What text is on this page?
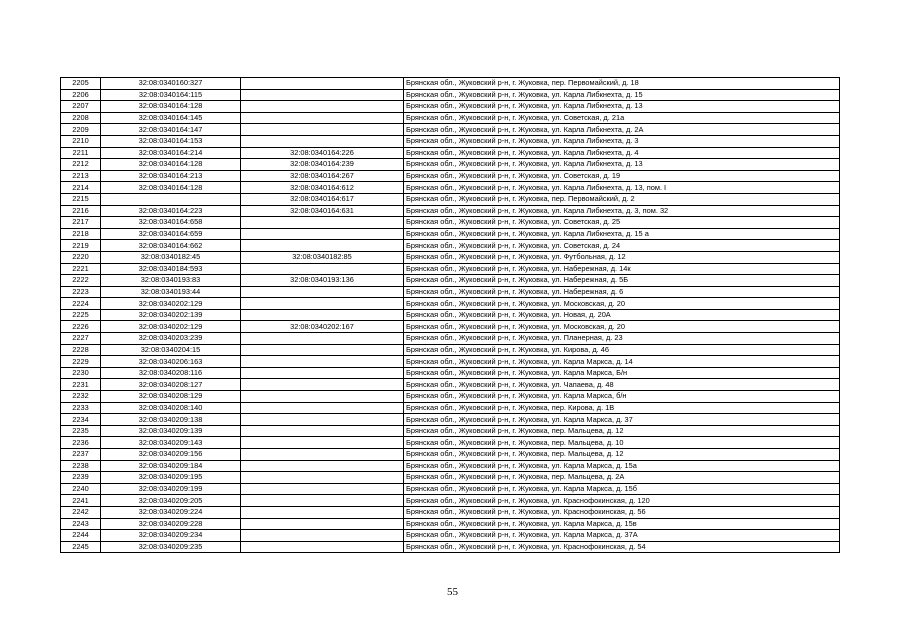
2205	32:08:0340160:327		Брянская обл., Жуковский р-н, г. Жуковка, пер. Первомайский, д. 18
2206	32:08:0340164:115		Брянская обл., Жуковский р-н, г. Жуковка, ул. Карла Либкнехта, д. 15
2207	32:08:0340164:128		Брянская обл., Жуковский р-н, г. Жуковка, ул. Карла Либкнехта, д. 13
2208	32:08:0340164:145		Брянская обл., Жуковский р-н, г. Жуковка, ул. Советская, д. 21а
2209	32:08:0340164:147		Брянская обл., Жуковский р-н, г. Жуковка, ул. Карла Либкнехта, д. 2А
2210	32:08:0340164:153		Брянская обл., Жуковский р-н, г. Жуковка, ул. Карла Либкнехта, д. 3
2211	32:08:0340164:214	32:08:0340164:226	Брянская обл., Жуковский р-н, г. Жуковка, ул. Карла Либкнехта, д. 4
2212	32:08:0340164:128	32:08:0340164:239	Брянская обл., Жуковский р-н, г. Жуковка, ул. Карла Либкнехта, д. 13
2213	32:08:0340164:213	32:08:0340164:267	Брянская обл., Жуковский р-н, г. Жуковка, ул. Советская, д. 19
2214	32:08:0340164:128	32:08:0340164:612	Брянская обл., Жуковский р-н, г. Жуковка, ул. Карла Либкнехта, д. 13, пом. I
2215		32:08:0340164:617	Брянская обл., Жуковский р-н, г. Жуковка, пер. Первомайский, д. 2
2216	32:08:0340164:223	32:08:0340164:631	Брянская обл., Жуковский р-н, г. Жуковка, ул. Карла Либкнехта, д. 3, пом. 32
2217	32:08:0340164:658		Брянская обл., Жуковский р-н, г. Жуковка, ул. Советская, д. 25
2218	32:08:0340164:659		Брянская обл., Жуковский р-н, г. Жуковка, ул. Карла Либкнехта, д. 15 а
2219	32:08:0340164:662		Брянская обл., Жуковский р-н, г. Жуковка, ул. Советская, д. 24
2220	32:08:0340182:45	32:08:0340182:85	Брянская обл., Жуковский р-н, г. Жуковка, ул. Футбольная, д. 12
2221	32:08:0340184:593		Брянская обл., Жуковский р-н, г. Жуковка, ул. Набережная, д. 14к
2222	32:08:0340193:83	32:08:0340193:136	Брянская обл., Жуковский р-н, г. Жуковка, ул. Набережная, д. 5Б
2223	32:08:0340193:44		Брянская обл., Жуковский р-н, г. Жуковка, ул. Набережная, д. 6
2224	32:08:0340202:129		Брянская обл., Жуковский р-н, г. Жуковка, ул. Московская, д. 20
2225	32:08:0340202:139		Брянская обл., Жуковский р-н, г. Жуковка, ул. Новая, д. 20А
2226	32:08:0340202:129	32:08:0340202:167	Брянская обл., Жуковский р-н, г. Жуковка, ул. Московская, д. 20
2227	32:08:0340203:239		Брянская обл., Жуковский р-н, г. Жуковка, ул. Планерная, д. 23
2228	32:08:0340204:15		Брянская обл., Жуковский р-н, г. Жуковка, ул. Кирова, д. 46
2229	32:08:0340206:163		Брянская обл., Жуковский р-н, г. Жуковка, ул. Карла Маркса, д. 14
2230	32:08:0340208:116		Брянская обл., Жуковский р-н, г. Жуковка, ул. Карла Маркса, Б/н
2231	32:08:0340208:127		Брянская обл., Жуковский р-н, г. Жуковка, ул. Чапаева, д. 48
2232	32:08:0340208:129		Брянская обл., Жуковский р-н, г. Жуковка, ул. Карла Маркса, б/н
2233	32:08:0340208:140		Брянская обл., Жуковский р-н, г. Жуковка, пер. Кирова, д. 1В
2234	32:08:0340209:138		Брянская обл., Жуковский р-н, г. Жуковка, ул. Карла Маркса, д. 37
2235	32:08:0340209:139		Брянская обл., Жуковский р-н, г. Жуковка, пер. Мальцева, д. 12
2236	32:08:0340209:143		Брянская обл., Жуковский р-н, г. Жуковка, пер. Мальцева, д. 10
2237	32:08:0340209:156		Брянская обл., Жуковский р-н, г. Жуковка, пер. Мальцева, д. 12
2238	32:08:0340209:184		Брянская обл., Жуковский р-н, г. Жуковка, ул. Карла Маркса, д. 15а
2239	32:08:0340209:195		Брянская обл., Жуковский р-н, г. Жуковка, пер. Мальцева, д. 2А
2240	32:08:0340209:199		Брянская обл., Жуковский р-н, г. Жуковка, ул. Карла Маркса, д. 15б
2241	32:08:0340209:205		Брянская обл., Жуковский р-н, г. Жуковка, ул. Краснофокинская, д. 120
2242	32:08:0340209:224		Брянская обл., Жуковский р-н, г. Жуковка, ул. Краснофокинская, д. 56
2243	32:08:0340209:228		Брянская обл., Жуковский р-н, г. Жуковка, ул. Карла Маркса, д. 15в
2244	32:08:0340209:234		Брянская обл., Жуковский р-н, г. Жуковка, ул. Карла Маркса, д. 37А
2245	32:08:0340209:235		Брянская обл., Жуковский р-н, г. Жуковка, ул. Краснофокинская, д. 54
55
